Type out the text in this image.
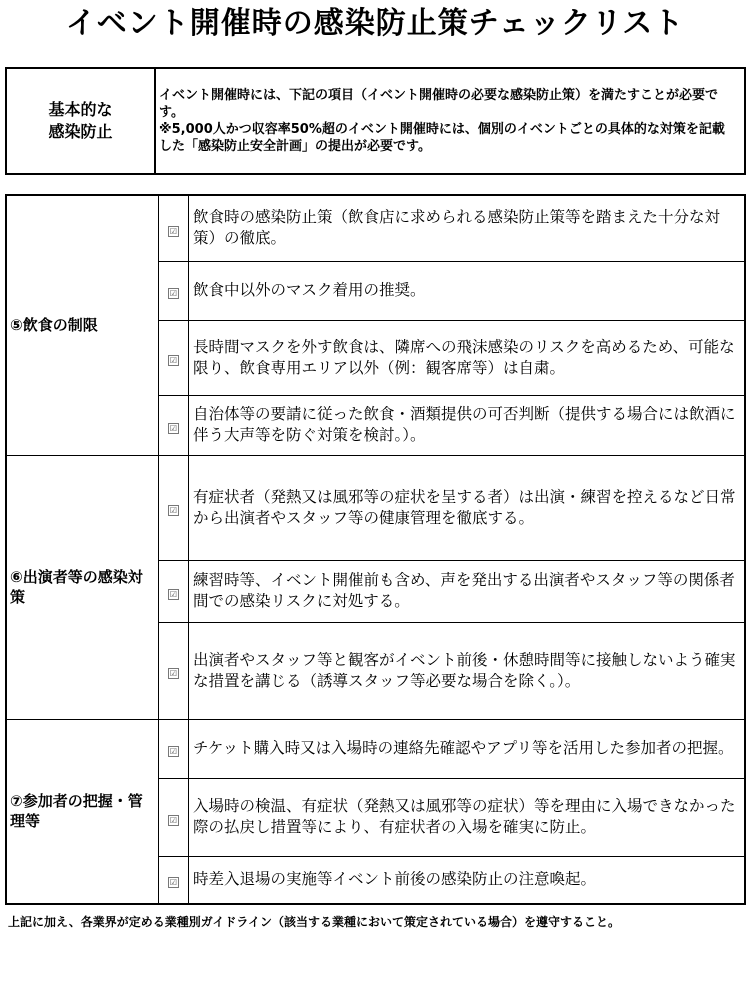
イベント開催時の感染防止策チェックリスト
基本的な
感染防止
	イベント開催時には、下記の項目（イベント開催時の必要な感染防止策）を満たすことが必要です。
※5,000人かつ収容率50%超のイベント開催時には、個別のイベントごとの具体的な対策を記載した「感染防止安全計画」の提出が必要です。
⑤飲食の制限	☑	飲食時の感染防止策（飲食店に求められる感染防止策等を踏まえた十分な対策）の徹底。
	☑	飲食中以外のマスク着用の推奨。
	☑	長時間マスクを外す飲食は、隣席への飛沫感染のリスクを高めるため、可能な限り、飲食専用エリア以外（例：観客席等）は自粛。
	☑	自治体等の要請に従った飲食・酒類提供の可否判断（提供する場合には飲酒に伴う大声等を防ぐ対策を検討。）。
⑥出演者等の感染対策	☑	有症状者（発熱又は風邪等の症状を呈する者）は出演・練習を控えるなど日常から出演者やスタッフ等の健康管理を徹底する。
	☑	練習時等、イベント開催前も含め、声を発出する出演者やスタッフ等の関係者間での感染リスクに対処する。
	☑	出演者やスタッフ等と観客がイベント前後・休憩時間等に接触しないよう確実な措置を講じる（誘導スタッフ等必要な場合を除く。）。
⑦参加者の把握・管理等	☑	チケット購入時又は入場時の連絡先確認やアプリ等を活用した参加者の把握。
	☑	入場時の検温、有症状（発熱又は風邪等の症状）等を理由に入場できなかった際の払戻し措置等により、有症状者の入場を確実に防止。
	☑	時差入退場の実施等イベント前後の感染防止の注意喚起。
上記に加え、各業界が定める業種別ガイドライン（該当する業種において策定されている場合）を遵守すること。
